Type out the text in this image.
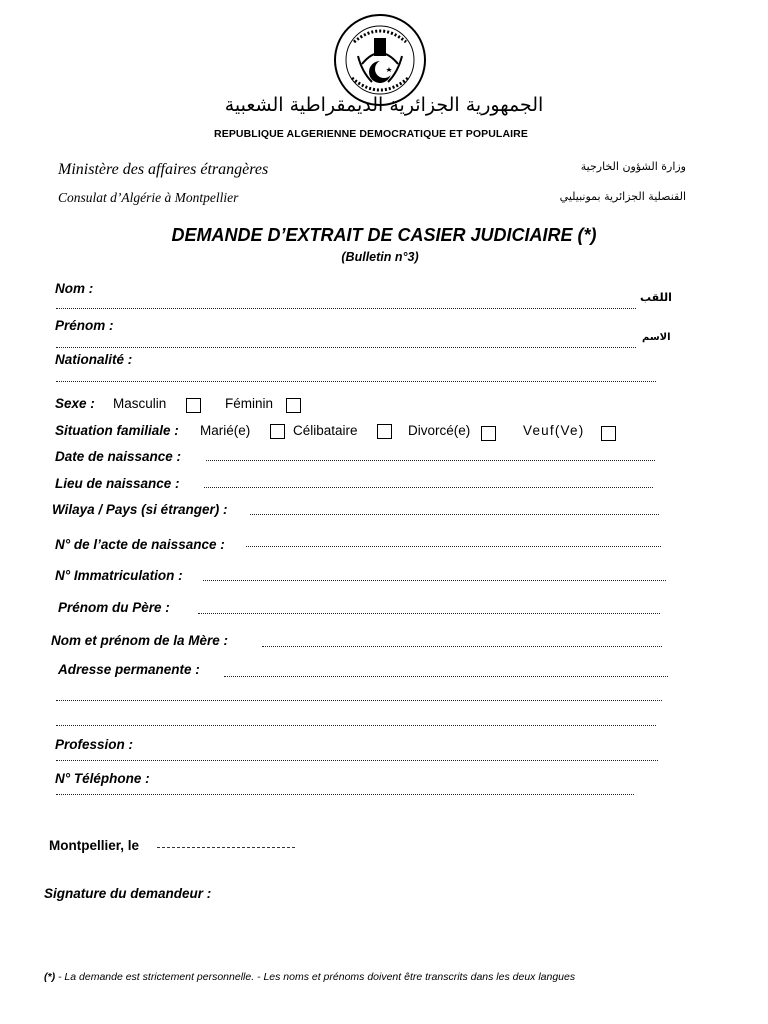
الجمهورية الجزائرية الديمقراطية الشعبية
REPUBLIQUE ALGERIENNE DEMOCRATIQUE ET POPULAIRE
Ministère des affaires étrangères
Consulat d’Algérie à Montpellier
وزارة الشؤون الخارجية
القنصلية الجزائرية بمونبيليي
DEMANDE D’EXTRAIT DE CASIER JUDICIAIRE (*)
(Bulletin n°3)
Nom :
اللقب
Prénom :
الاسم
Nationalité :
Sexe : Masculin	Féminin
Situation familiale : Marié(e)	Célibataire	Divorcé(e)	Veuf(Ve)
Date de naissance :
Lieu de naissance :
Wilaya / Pays (si étranger) :
N° de l’acte de naissance :
N° Immatriculation :
Prénom du Père :
Nom et prénom de la Mère :
Adresse permanente :
Profession :
N° Téléphone :
Montpellier, le
Signature du demandeur :
(*) - La demande est strictement personnelle. - Les noms et prénoms doivent être transcrits dans les deux langues
